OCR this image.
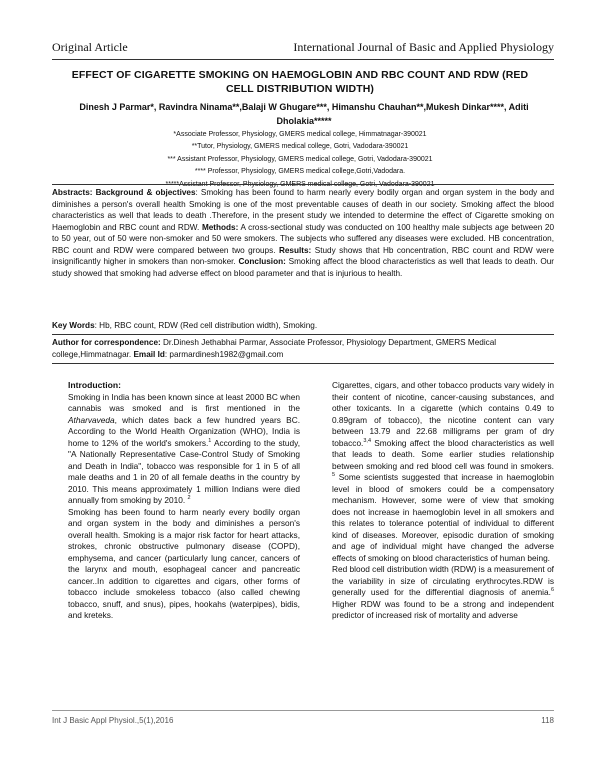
Original Article	International Journal of Basic and Applied Physiology
EFFECT OF CIGARETTE SMOKING ON HAEMOGLOBIN AND RBC COUNT AND RDW (RED CELL DISTRIBUTION WIDTH)
Dinesh J Parmar*, Ravindra Ninama**,Balaji W Ghugare***, Himanshu Chauhan**,Mukesh Dinkar****, Aditi Dholakia*****
*Associate Professor, Physiology, GMERS medical college, Himmatnagar-390021
**Tutor, Physiology, GMERS medical college, Gotri, Vadodara-390021
*** Assistant Professor, Physiology, GMERS medical college, Gotri, Vadodara-390021
**** Professor, Physiology, GMERS medical college,Gotri,Vadodara.
*****Assistant Professor, Physiology, GMERS medical college, Gotri, Vadodara-390021
Abstracts: Background & objectives: Smoking has been found to harm nearly every bodily organ and organ system in the body and diminishes a person's overall health Smoking is one of the most preventable causes of death in our society. Smoking affect the blood characteristics as well that leads to death .Therefore, in the present study we intended to determine the effect of Cigarette smoking on Haemoglobin and RBC count and RDW. Methods: A cross-sectional study was conducted on 100 healthy male subjects age between 20 to 50 year, out of 50 were non-smoker and 50 were smokers. The subjects who suffered any diseases were excluded. HB concentration, RBC count and RDW were compared between two groups. Results: Study shows that Hb concentration, RBC count and RDW were insignificantly higher in smokers than non-smoker. Conclusion: Smoking affect the blood characteristics as well that leads to death. Our study showed that smoking had adverse effect on blood parameter and that is injurious to health.
Key Words: Hb, RBC count, RDW (Red cell distribution width), Smoking.
Author for correspondence: Dr.Dinesh Jethabhai Parmar, Associate Professor, Physiology Department, GMERS Medical college,Himmatnagar. Email Id: parmardinesh1982@gmail.com
Introduction:

Smoking in India has been known since at least 2000 BC when cannabis was smoked and is first mentioned in the Atharvaveda, which dates back a few hundred years BC. According to the World Health Organization (WHO), India is home to 12% of the world's smokers.$^1$ According to the study, "A Nationally Representative Case-Control Study of Smoking and Death in India", tobacco was responsible for 1 in 5 of all male deaths and 1 in 20 of all female deaths in the country by 2010. This means approximately 1 million Indians were died annually from smoking by 2010. $^2$

Smoking has been found to harm nearly every bodily organ and organ system in the body and diminishes a person's overall health. Smoking is a major risk factor for heart attacks, strokes, chronic obstructive pulmonary disease (COPD), emphysema, and cancer (particularly lung cancer, cancers of the larynx and mouth, esophageal cancer and pancreatic cancer..In addition to cigarettes and cigars, other forms of tobacco include smokeless tobacco (also called chewing tobacco, snuff, and snus), pipes, hookahs (waterpipes), bidis, and kreteks.

Cigarettes, cigars, and other tobacco products vary widely in their content of nicotine, cancer-causing substances, and other toxicants. In a cigarette (which contains 0.49 to 0.89gram of tobacco), the nicotine content can vary between 13.79 and 22.68 milligrams per gram of dry tobacco.$^{3,4}$ Smoking affect the blood characteristics as well that leads to death. Some earlier studies relationship between smoking and red blood cell was found in smokers. $^5$ Some scientists suggested that increase in haemoglobin level in blood of smokers could be a compensatory mechanism. However, some were of view that smoking does not increase in haemoglobin level in all smokers and this relates to tolerance potential of individual to different kind of diseases. Moreover, episodic duration of smoking and age of individual might have changed the adverse effects of smoking on blood characteristics of human being.

Red blood cell distribution width (RDW) is a measurement of the variability in size of circulating erythrocytes.RDW is generally used for the differential diagnosis of anemia.$^6$ Higher RDW was found to be a strong and independent predictor of increased risk of mortality and adverse

Int J Basic Appl Physiol.,5(1),2016	118
